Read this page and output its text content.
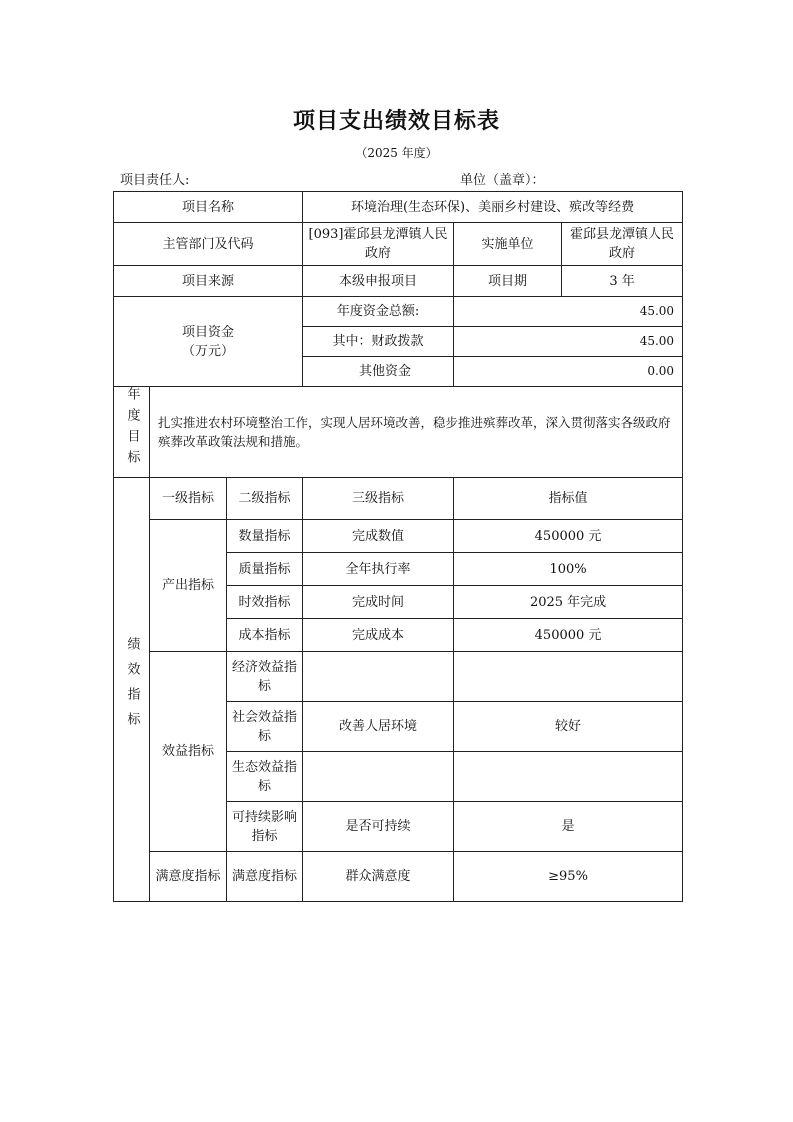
项目支出绩效目标表
（2025 年度）
项目责任人:	单位（盖章）：
项目名称			环境治理(生态环保)、美丽乡村建设、殡改等经费		
主管部门及代码			[093]霍邱县龙潭镇人民政府	实施单位	霍邱县龙潭镇人民政府
项目来源			本级申报项目	项目期	3 年

项目资金
（万元）			年度资金总额:	45.00	
			其中：财政拨款	45.00	
			其他资金	0.00	
年度目标	扎实推进农村环境整治工作，实现人居环境改善，稳步推进殡葬改革，深入贯彻落实各级政府殡葬改革政策法规和措施。				
绩效指标	一级指标	二级指标	三级指标	指标值	
	产出指标	数量指标	完成数值	450000 元	
		质量指标	全年执行率	100%	
		时效指标	完成时间	2025 年完成	
		成本指标	完成成本	450000 元	
	效益指标	经济效益指标			
		社会效益指标	改善人居环境	较好	
		生态效益指标			
		可持续影响指标	是否可持续	是	
	满意度指标	满意度指标	群众满意度	≥95%	
